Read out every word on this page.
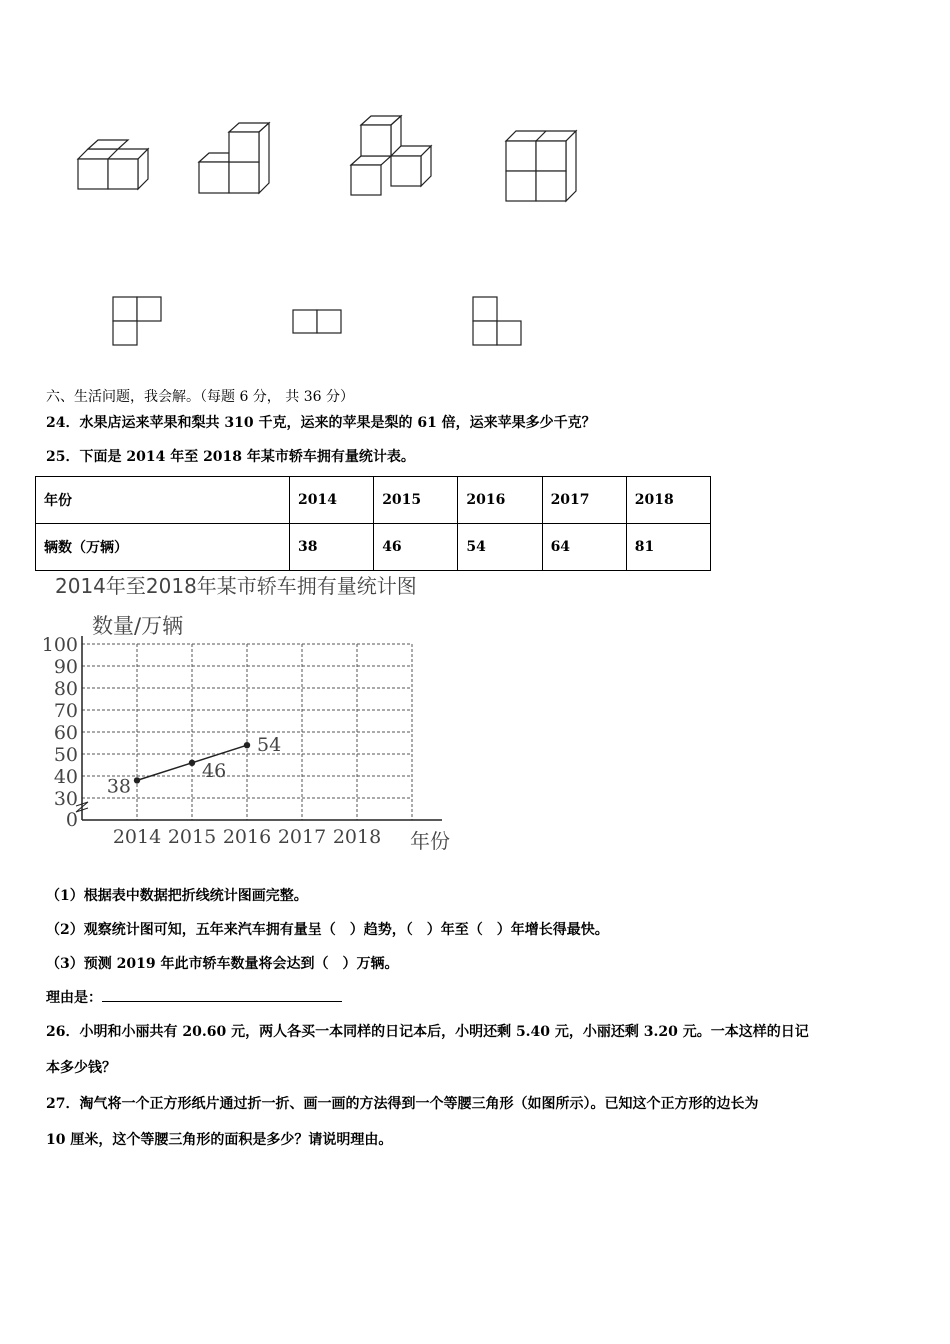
六、生活问题，我会解。（每题 6 分， 共 36 分）
24．水果店运来苹果和梨共 310 千克，运来的苹果是梨的 61 倍，运来苹果多少千克？
25．下面是 2014 年至 2018 年某市轿车拥有量统计表。
年份	2014	2015	2016	2017	2018
辆数（万辆）	38	46	54	64	81
2014年至2018年某市轿车拥有量统计图
0
30
40
50
60
70
80
90
100
数量/万辆
2014 2015 2016 2017 2018 年份
38
46
54
（1）根据表中数据把折线统计图画完整。
（2）观察统计图可知，五年来汽车拥有量呈（　）趋势，（　）年至（　）年增长得最快。
（3）预测 2019 年此市轿车数量将会达到（　）万辆。
理由是：
26．小明和小丽共有 20.60 元，两人各买一本同样的日记本后，小明还剩 5.40 元，小丽还剩 3.20 元。一本这样的日记
本多少钱？
27．淘气将一个正方形纸片通过折一折、画一画的方法得到一个等腰三角形（如图所示）。已知这个正方形的边长为
10 厘米，这个等腰三角形的面积是多少？请说明理由。
